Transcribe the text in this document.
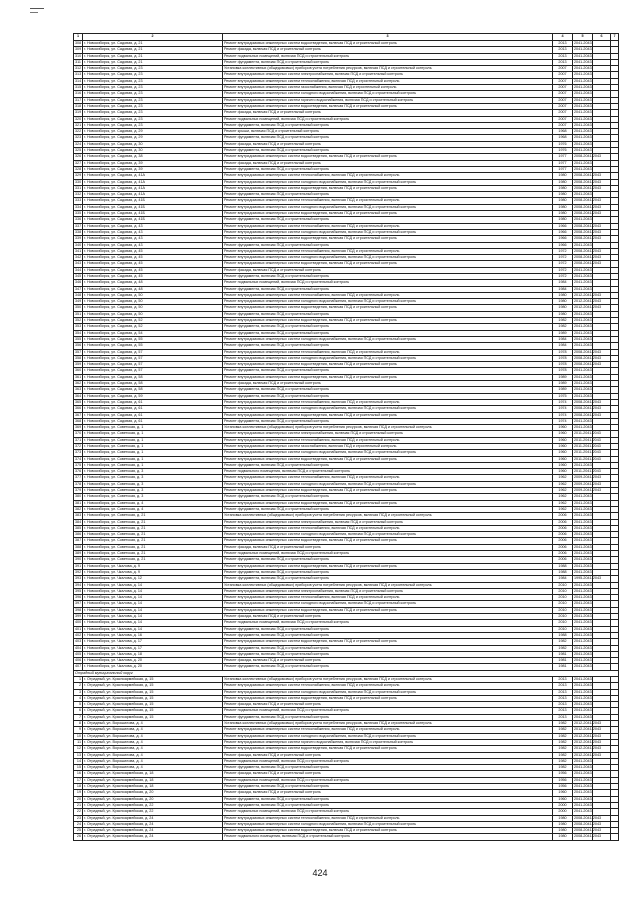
1	2	3	4	5	6	7
308	г. Новосибирск, ул. Садовая, д. 21	Ремонт внутридомовых инженерных систем водоотведения, включая ПСД и строительный контроль	2013	2041-2043		
309	г. Новосибирск, ул. Садовая, д. 21	Ремонт фасада, включая ПСД и строительный контроль	2013	2041-2043		
310	г. Новосибирск, ул. Садовая, д. 21	Ремонт подвальных помещений, включая ПСД и строительный контроль	2013	2041-2043		
311	г. Новосибирск, ул. Садовая, д. 21	Ремонт фундамента, включая ПСД и строительный контроль	2013	2041-2043		
312	г. Новосибирск, ул. Садовая, д. 23	Установка коллективных (общедомовых) приборов учета потребления ресурсов, включая ПСД и строительный контроль	2007	2041-2043		
313	г. Новосибирск, ул. Садовая, д. 23	Ремонт внутридомовых инженерных систем электроснабжения, включая ПСД и строительный контроль	2007	2041-2043		
314	г. Новосибирск, ул. Садовая, д. 23	Ремонт внутридомовых инженерных систем теплоснабжения, включая ПСД и строительный контроль	2007	2041-2043		
315	г. Новосибирск, ул. Садовая, д. 23	Ремонт внутридомовых инженерных систем газоснабжения, включая ПСД и строительный контроль	2007	2041-2043		
316	г. Новосибирск, ул. Садовая, д. 23	Ремонт внутридомовых инженерных систем холодного водоснабжения, включая ПСД и строительный контроль	2007	2041-2043		
317	г. Новосибирск, ул. Садовая, д. 23	Ремонт внутридомовых инженерных систем горячего водоснабжения, включая ПСД и строительный контроль	2007	2041-2043		
318	г. Новосибирск, ул. Садовая, д. 23	Ремонт внутридомовых инженерных систем водоотведения, включая ПСД и строительный контроль	2007	2041-2043		
319	г. Новосибирск, ул. Садовая, д. 23	Ремонт фасада, включая ПСД и строительный контроль	2007	2041-2043		
320	г. Новосибирск, ул. Садовая, д. 23	Ремонт подвальных помещений, включая ПСД и строительный контроль	2007	2041-2043		
321	г. Новосибирск, ул. Садовая, д. 23	Ремонт фундамента, включая ПСД и строительный контроль	2007	2041-2043		
322	г. Новосибирск, ул. Садовая, д. 29	Ремонт крыши, включая ПСД и строительный контроль	1968	2041-2043		
323	г. Новосибирск, ул. Садовая, д. 29	Ремонт фундамента, включая ПСД и строительный контроль	1968	2041-2043		
324	г. Новосибирск, ул. Садовая, д. 30	Ремонт фасада, включая ПСД и строительный контроль	1976	2041-2043		
325	г. Новосибирск, ул. Садовая, д. 30	Ремонт фундамента, включая ПСД и строительный контроль	1976	2041-2043		
326	г. Новосибирск, ул. Садовая, д. 38	Ремонт внутридомовых инженерных систем водоотведения, включая ПСД и строительный контроль	1977	2008-2041-2043		
327	г. Новосибирск, ул. Садовая, д. 39	Ремонт фасада, включая ПСД и строительный контроль	1977	2041-2043		
328	г. Новосибирск, ул. Садовая, д. 39	Ремонт фундамента, включая ПСД и строительный контроль	1977	2041-2043		
329	г. Новосибирск, ул. Садовая, д. 41А	Ремонт внутридомовых инженерных систем теплоснабжения, включая ПСД и строительный контроль	1980	2008-2041-2043		
330	г. Новосибирск, ул. Садовая, д. 41А	Ремонт внутридомовых инженерных систем холодного водоснабжения, включая ПСД и строительный контроль	1980	2008-2041-2043		
331	г. Новосибирск, ул. Садовая, д. 41А	Ремонт внутридомовых инженерных систем водоотведения, включая ПСД и строительный контроль	1980	2008-2041-2043		
332	г. Новосибирск, ул. Садовая, д. 41А	Ремонт фундамента, включая ПСД и строительный контроль	1980	2041-2043		
333	г. Новосибирск, ул. Садовая, д. 41Б	Ремонт внутридомовых инженерных систем теплоснабжения, включая ПСД и строительный контроль	1980	2008-2041-2043		
334	г. Новосибирск, ул. Садовая, д. 41Б	Ремонт внутридомовых инженерных систем холодного водоснабжения, включая ПСД и строительный контроль	1980	2008-2041-2043		
335	г. Новосибирск, ул. Садовая, д. 41Б	Ремонт внутридомовых инженерных систем водоотведения, включая ПСД и строительный контроль	1980	2008-2041-2043		
336	г. Новосибирск, ул. Садовая, д. 41Б	Ремонт фундамента, включая ПСД и строительный контроль	1980	2041-2043		
337	г. Новосибирск, ул. Садовая, д. 43	Ремонт внутридомовых инженерных систем теплоснабжения, включая ПСД и строительный контроль	1966	2008-2041-2043		
338	г. Новосибирск, ул. Садовая, д. 43	Ремонт внутридомовых инженерных систем холодного водоснабжения, включая ПСД и строительный контроль	1966	2008-2041-2043		
339	г. Новосибирск, ул. Садовая, д. 43	Ремонт внутридомовых инженерных систем водоотведения, включая ПСД и строительный контроль	1966	2008-2041-2043		
340	г. Новосибирск, ул. Садовая, д. 43	Ремонт фундамента, включая ПСД и строительный контроль	1966	2041-2043		
341	г. Новосибирск, ул. Садовая, д. 45	Ремонт внутридомовых инженерных систем теплоснабжения, включая ПСД и строительный контроль	1972	2008-2041-2043		
342	г. Новосибирск, ул. Садовая, д. 45	Ремонт внутридомовых инженерных систем холодного водоснабжения, включая ПСД и строительный контроль	1972	2008-2041-2043		
343	г. Новосибирск, ул. Садовая, д. 45	Ремонт внутридомовых инженерных систем водоотведения, включая ПСД и строительный контроль	1972	2008-2041-2043		
344	г. Новосибирск, ул. Садовая, д. 45	Ремонт фасада, включая ПСД и строительный контроль	1972	2041-2043		
345	г. Новосибирск, ул. Садовая, д. 45	Ремонт фундамента, включая ПСД и строительный контроль	1972	2041-2043		
346	г. Новосибирск, ул. Садовая, д. 48	Ремонт подвальных помещений, включая ПСД и строительный контроль	1984	2041-2043		
347	г. Новосибирск, ул. Садовая, д. 48	Ремонт фундамента, включая ПСД и строительный контроль	1984	2041-2043		
348	г. Новосибирск, ул. Садовая, д. 50	Ремонт внутридомовых инженерных систем теплоснабжения, включая ПСД и строительный контроль	1980	2012-2041-2043		
349	г. Новосибирск, ул. Садовая, д. 50	Ремонт внутридомовых инженерных систем холодного водоснабжения, включая ПСД и строительный контроль	1980	2012-2041-2043		
350	г. Новосибирск, ул. Садовая, д. 50	Ремонт внутридомовых инженерных систем водоотведения, включая ПСД и строительный контроль	1980	2012-2041-2043		
351	г. Новосибирск, ул. Садовая, д. 50	Ремонт фундамента, включая ПСД и строительный контроль	1980	2041-2043		
352	г. Новосибирск, ул. Садовая, д. 52	Ремонт внутридомовых инженерных систем водоотведения, включая ПСД и строительный контроль	1982	2041-2043		
353	г. Новосибирск, ул. Садовая, д. 52	Ремонт фундамента, включая ПСД и строительный контроль	1982	2041-2043		
354	г. Новосибирск, ул. Садовая, д. 54	Ремонт фундамента, включая ПСД и строительный контроль	1989	2041-2043		
355	г. Новосибирск, ул. Садовая, д. 55	Ремонт внутридомовых инженерных систем холодного водоснабжения, включая ПСД и строительный контроль	1984	2041-2043		
356	г. Новосибирск, ул. Садовая, д. 55	Ремонт фундамента, включая ПСД и строительный контроль	1984	2041-2043		
357	г. Новосибирск, ул. Садовая, д. 57	Ремонт внутридомовых инженерных систем теплоснабжения, включая ПСД и строительный контроль	1978	2008-2041-2043		
358	г. Новосибирск, ул. Садовая, д. 57	Ремонт внутридомовых инженерных систем холодного водоснабжения, включая ПСД и строительный контроль	1978	2008-2041-2043		
359	г. Новосибирск, ул. Садовая, д. 57	Ремонт внутридомовых инженерных систем водоотведения, включая ПСД и строительный контроль	1978	2008-2041-2043		
360	г. Новосибирск, ул. Садовая, д. 57	Ремонт фундамента, включая ПСД и строительный контроль	1978	2041-2043		
361	г. Новосибирск, ул. Садовая, д. 58	Ремонт внутридомовых инженерных систем водоотведения, включая ПСД и строительный контроль	1989	2041-2043		
362	г. Новосибирск, ул. Садовая, д. 58	Ремонт фасада, включая ПСД и строительный контроль	1989	2041-2043		
363	г. Новосибирск, ул. Садовая, д. 58	Ремонт фундамента, включая ПСД и строительный контроль	1989	2041-2043		
364	г. Новосибирск, ул. Садовая, д. 59	Ремонт фундамента, включая ПСД и строительный контроль	1975	2041-2043		
365	г. Новосибирск, ул. Садовая, д. 61	Ремонт внутридомовых инженерных систем теплоснабжения, включая ПСД и строительный контроль	1974	2008-2041-2043		
366	г. Новосибирск, ул. Садовая, д. 61	Ремонт внутридомовых инженерных систем холодного водоснабжения, включая ПСД и строительный контроль	1974	2008-2041-2043		
367	г. Новосибирск, ул. Садовая, д. 61	Ремонт внутридомовых инженерных систем водоотведения, включая ПСД и строительный контроль	1974	2008-2041-2043		
368	г. Новосибирск, ул. Садовая, д. 61	Ремонт фундамента, включая ПСД и строительный контроль	1974	2041-2043		
369	г. Новосибирск, ул. Советская, д. 1	Установка коллективных (общедомовых) приборов учета потребления ресурсов, включая ПСД и строительный контроль	1960	2041-2043		
370	г. Новосибирск, ул. Советская, д. 1	Ремонт внутридомовых инженерных систем электроснабжения, включая ПСД и строительный контроль	1960	2011-2041-2043		
371	г. Новосибирск, ул. Советская, д. 1	Ремонт внутридомовых инженерных систем теплоснабжения, включая ПСД и строительный контроль	1960	2011-2041-2043		
372	г. Новосибирск, ул. Советская, д. 1	Ремонт внутридомовых инженерных систем газоснабжения, включая ПСД и строительный контроль	1960	2011-2041-2043		
373	г. Новосибирск, ул. Советская, д. 1	Ремонт внутридомовых инженерных систем холодного водоснабжения, включая ПСД и строительный контроль	1960	2011-2041-2043		
374	г. Новосибирск, ул. Советская, д. 1	Ремонт внутридомовых инженерных систем водоотведения, включая ПСД и строительный контроль	1960	2011-2041-2043		
375	г. Новосибирск, ул. Советская, д. 1	Ремонт фундамента, включая ПСД и строительный контроль	1960	2041-2043		
376	г. Новосибирск, ул. Советская, д. 3	Ремонт подвального помещения, включая ПСД и строительный контроль	1960	2011-2041-2043		
377	г. Новосибирск, ул. Советская, д. 3	Ремонт внутридомовых инженерных систем теплоснабжения, включая ПСД и строительный контроль	1962	2009-2041-2043		
378	г. Новосибирск, ул. Советская, д. 3	Ремонт внутридомовых инженерных систем холодного водоснабжения, включая ПСД и строительный контроль	1962	2009-2041-2043		
379	г. Новосибирск, ул. Советская, д. 3	Ремонт внутридомовых инженерных систем водоотведения, включая ПСД и строительный контроль	1962	2009-2041-2043		
380	г. Новосибирск, ул. Советская, д. 3	Ремонт фундамента, включая ПСД и строительный контроль	1962	2041-2043		
381	г. Новосибирск, ул. Советская, д. 4	Ремонт внутридомовых инженерных систем водоотведения, включая ПСД и строительный контроль	1962	2041-2043		
382	г. Новосибирск, ул. Советская, д. 4	Ремонт фундамента, включая ПСД и строительный контроль	1962	2041-2043		
383	г. Новосибирск, ул. Советская, д. 21	Установка коллективных (общедомовых) приборов учета потребления ресурсов, включая ПСД и строительный контроль	2006	2041-2043		
384	г. Новосибирск, ул. Советская, д. 21	Ремонт внутридомовых инженерных систем электроснабжения, включая ПСД и строительный контроль	2006	2041-2043		
385	г. Новосибирск, ул. Советская, д. 21	Ремонт внутридомовых инженерных систем теплоснабжения, включая ПСД и строительный контроль	2006	2041-2043		
386	г. Новосибирск, ул. Советская, д. 21	Ремонт внутридомовых инженерных систем холодного водоснабжения, включая ПСД и строительный контроль	2006	2041-2043		
387	г. Новосибирск, ул. Советская, д. 21	Ремонт внутридомовых инженерных систем водоотведения, включая ПСД и строительный контроль	2006	2041-2043		
388	г. Новосибирск, ул. Советская, д. 21	Ремонт фасада, включая ПСД и строительный контроль	2006	2041-2043		
389	г. Новосибирск, ул. Советская, д. 21	Ремонт подвальных помещений, включая ПСД и строительный контроль	2006	2041-2043		
390	г. Новосибирск, ул. Советская, д. 21	Ремонт фундамента, включая ПСД и строительный контроль	2006	2041-2043		
391	г. Новосибирск, ул. Чкалова, д. 9	Ремонт внутридомовых инженерных систем водоотведения, включая ПСД и строительный контроль	1988	2041-2043		
392	г. Новосибирск, ул. Чкалова, д. 9	Ремонт фундамента, включая ПСД и строительный контроль	1988	2041-2043		
393	г. Новосибирск, ул. Чкалова, д. 12	Ремонт фундамента, включая ПСД и строительный контроль	1984	1995-2041-2043		
394	г. Новосибирск, ул. Чкалова, д. 14	Установка коллективных (общедомовых) приборов учета потребления ресурсов, включая ПСД и строительный контроль	2010	2041-2043		
395	г. Новосибирск, ул. Чкалова, д. 14	Ремонт внутридомовых инженерных систем электроснабжения, включая ПСД и строительный контроль	2010	2041-2043		
396	г. Новосибирск, ул. Чкалова, д. 14	Ремонт внутридомовых инженерных систем теплоснабжения, включая ПСД и строительный контроль	2010	2041-2043		
397	г. Новосибирск, ул. Чкалова, д. 14	Ремонт внутридомовых инженерных систем холодного водоснабжения, включая ПСД и строительный контроль	2010	2041-2043		
398	г. Новосибирск, ул. Чкалова, д. 14	Ремонт внутридомовых инженерных систем водоотведения, включая ПСД и строительный контроль	2010	2041-2043		
399	г. Новосибирск, ул. Чкалова, д. 14	Ремонт фасада, включая ПСД и строительный контроль	2010	2041-2043		
400	г. Новосибирск, ул. Чкалова, д. 14	Ремонт подвальных помещений, включая ПСД и строительный контроль	2010	2041-2043		
401	г. Новосибирск, ул. Чкалова, д. 14	Ремонт фундамента, включая ПСД и строительный контроль	2010	2041-2043		
402	г. Новосибирск, ул. Чкалова, д. 16	Ремонт фундамента, включая ПСД и строительный контроль	1988	2041-2043		
403	г. Новосибирск, ул. Чкалова, д. 17	Ремонт внутридомовых инженерных систем водоотведения, включая ПСД и строительный контроль	1982	2041-2043		
404	г. Новосибирск, ул. Чкалова, д. 17	Ремонт фундамента, включая ПСД и строительный контроль	1982	2041-2043		
405	г. Новосибирск, ул. Чкалова, д. 18	Ремонт фундамента, включая ПСД и строительный контроль	1981	2041-2043		
406	г. Новосибирск, ул. Чкалова, д. 20	Ремонт фасада, включая ПСД и строительный контроль	1981	2041-2043		
407	г. Новосибирск, ул. Чкалова, д. 20	Ремонт фундамента, включая ПСД и строительный контроль	1981	2041-2043		
Отрадный муниципальный округ						
1	г. Отрадный, ул. Красноармейская, д. 15	Установка коллективных (общедомовых) приборов учета потребления ресурсов, включая ПСД и строительный контроль	2013	2041-2043		
2	г. Отрадный, ул. Красноармейская, д. 15	Ремонт внутридомовых инженерных систем теплоснабжения, включая ПСД и строительный контроль	2013	2041-2043		
3	г. Отрадный, ул. Красноармейская, д. 15	Ремонт внутридомовых инженерных систем холодного водоснабжения, включая ПСД и строительный контроль	2013	2041-2043		
4	г. Отрадный, ул. Красноармейская, д. 15	Ремонт внутридомовых инженерных систем водоотведения, включая ПСД и строительный контроль	2013	2041-2043		
5	г. Отрадный, ул. Красноармейская, д. 15	Ремонт фасада, включая ПСД и строительный контроль	2013	2041-2043		
6	г. Отрадный, ул. Красноармейская, д. 15	Ремонт подвальных помещений, включая ПСД и строительный контроль	2013	2041-2043		
7	г. Отрадный, ул. Красноармейская, д. 15	Ремонт фундамента, включая ПСД и строительный контроль	2013	2041-2043		
8	г. Отрадный, ул. Ворошилова, д. 4	Установка коллективных (общедомовых) приборов учета потребления ресурсов, включая ПСД и строительный контроль	1982	2012-2041-2043		
9	г. Отрадный, ул. Ворошилова, д. 4	Ремонт внутридомовых инженерных систем теплоснабжения, включая ПСД и строительный контроль	1982	2012-2041-2043		
10	г. Отрадный, ул. Ворошилова, д. 4	Ремонт внутридомовых инженерных систем холодного водоснабжения, включая ПСД и строительный контроль	1982	2012-2041-2043		
11	г. Отрадный, ул. Ворошилова, д. 4	Ремонт внутридомовых инженерных систем горячего водоснабжения, включая ПСД и строительный контроль	1982	2012-2041-2043		
12	г. Отрадный, ул. Ворошилова, д. 4	Ремонт внутридомовых инженерных систем водоотведения, включая ПСД и строительный контроль	1982	2012-2041-2043		
13	г. Отрадный, ул. Ворошилова, д. 4	Ремонт фасада, включая ПСД и строительный контроль	1982	2012-2041-2043		
14	г. Отрадный, ул. Ворошилова, д. 4	Ремонт подвальных помещений, включая ПСД и строительный контроль	1982	2041-2043		
15	г. Отрадный, ул. Ворошилова, д. 4	Ремонт фундамента, включая ПСД и строительный контроль	1982	2041-2043		
16	г. Отрадный, ул. Красноармейская, д. 18	Ремонт фасада, включая ПСД и строительный контроль	1956	2041-2043		
17	г. Отрадный, ул. Красноармейская, д. 18	Ремонт подвальных помещений, включая ПСД и строительный контроль	1956	2041-2043		
18	г. Отрадный, ул. Красноармейская, д. 18	Ремонт фундамента, включая ПСД и строительный контроль	1956	2041-2043		
19	г. Отрадный, ул. Красноармейская, д. 20	Ремонт фасада, включая ПСД и строительный контроль	1960	2041-2043		
20	г. Отрадный, ул. Красноармейская, д. 20	Ремонт фундамента, включая ПСД и строительный контроль	1960	2041-2043		
21	г. Отрадный, ул. Красноармейская, д. 22	Ремонт фундамента, включая ПСД и строительный контроль	2000	2041-2043		
22	г. Отрадный, ул. Красноармейская, д. 22	Ремонт подвальных помещений, включая ПСД и строительный контроль	2000	2041-2043		
23	г. Отрадный, ул. Красноармейская, д. 24	Ремонт внутридомовых инженерных систем теплоснабжения, включая ПСД и строительный контроль	1980	2008-2041-2043		
24	г. Отрадный, ул. Красноармейская, д. 24	Ремонт внутридомовых инженерных систем холодного водоснабжения, включая ПСД и строительный контроль	1980	2008-2041-2043		
25	г. Отрадный, ул. Красноармейская, д. 24	Ремонт внутридомовых инженерных систем водоотведения, включая ПСД и строительный контроль	1980	2008-2041-2043		
26	г. Отрадный, ул. Красноармейская, д. 24	Ремонт подвального помещения, включая ПСД и строительный контроль	1980	2008-2041-2043		
424
